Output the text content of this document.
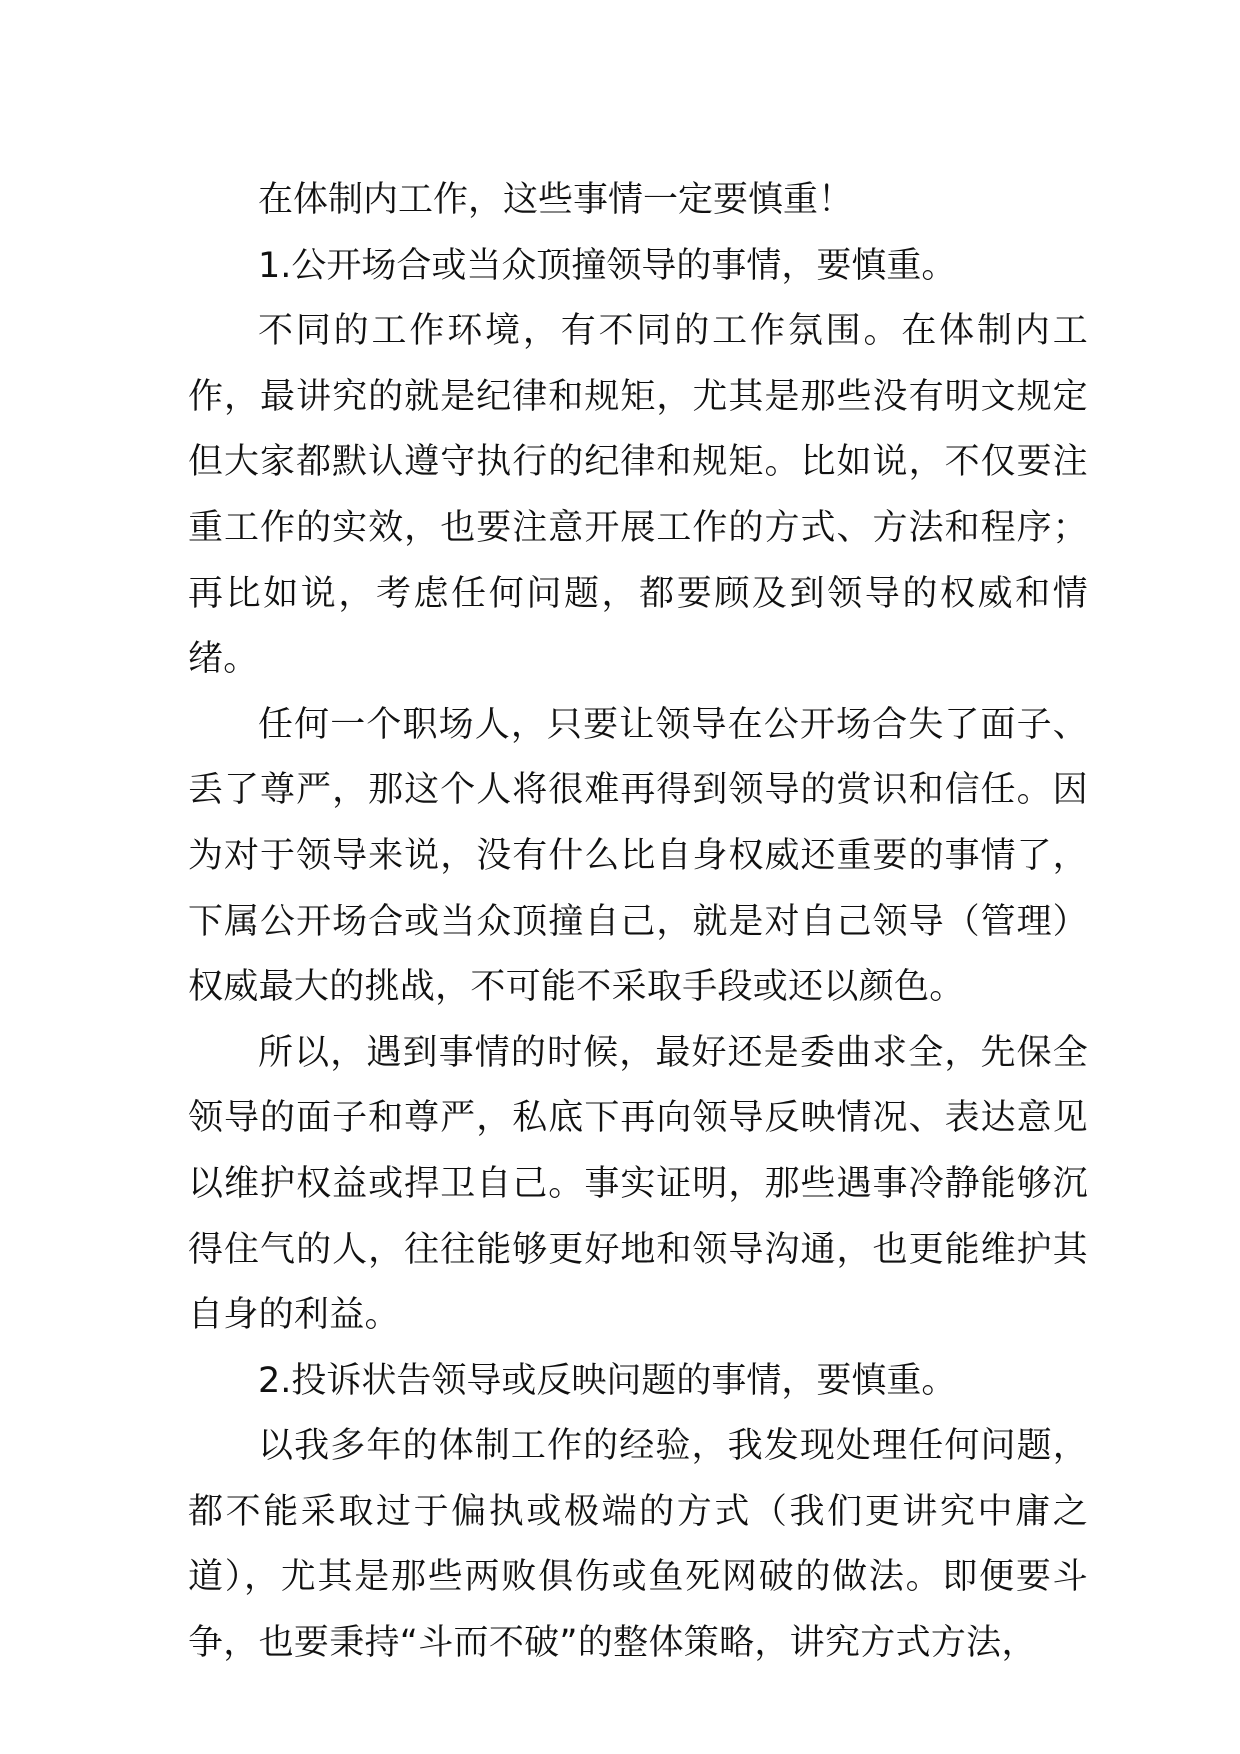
在体制内工作，这些事情一定要慎重！

1.公开场合或当众顶撞领导的事情，要慎重。

不同的工作环境，有不同的工作氛围。在体制内工作，最讲究的就是纪律和规矩，尤其是那些没有明文规定但大家都默认遵守执行的纪律和规矩。比如说，不仅要注重工作的实效，也要注意开展工作的方式、方法和程序；再比如说，考虑任何问题，都要顾及到领导的权威和情绪。

任何一个职场人，只要让领导在公开场合失了面子、丢了尊严，那这个人将很难再得到领导的赏识和信任。因为对于领导来说，没有什么比自身权威还重要的事情了，下属公开场合或当众顶撞自己，就是对自己领导（管理）权威最大的挑战，不可能不采取手段或还以颜色。

所以，遇到事情的时候，最好还是委曲求全，先保全领导的面子和尊严，私底下再向领导反映情况、表达意见以维护权益或捍卫自己。事实证明，那些遇事冷静能够沉得住气的人，往往能够更好地和领导沟通，也更能维护其自身的利益。

2.投诉状告领导或反映问题的事情，要慎重。

以我多年的体制工作的经验，我发现处理任何问题，都不能采取过于偏执或极端的方式（我们更讲究中庸之道），尤其是那些两败俱伤或鱼死网破的做法。即便要斗争，也要秉持“斗而不破”的整体策略，讲究方式方法，
